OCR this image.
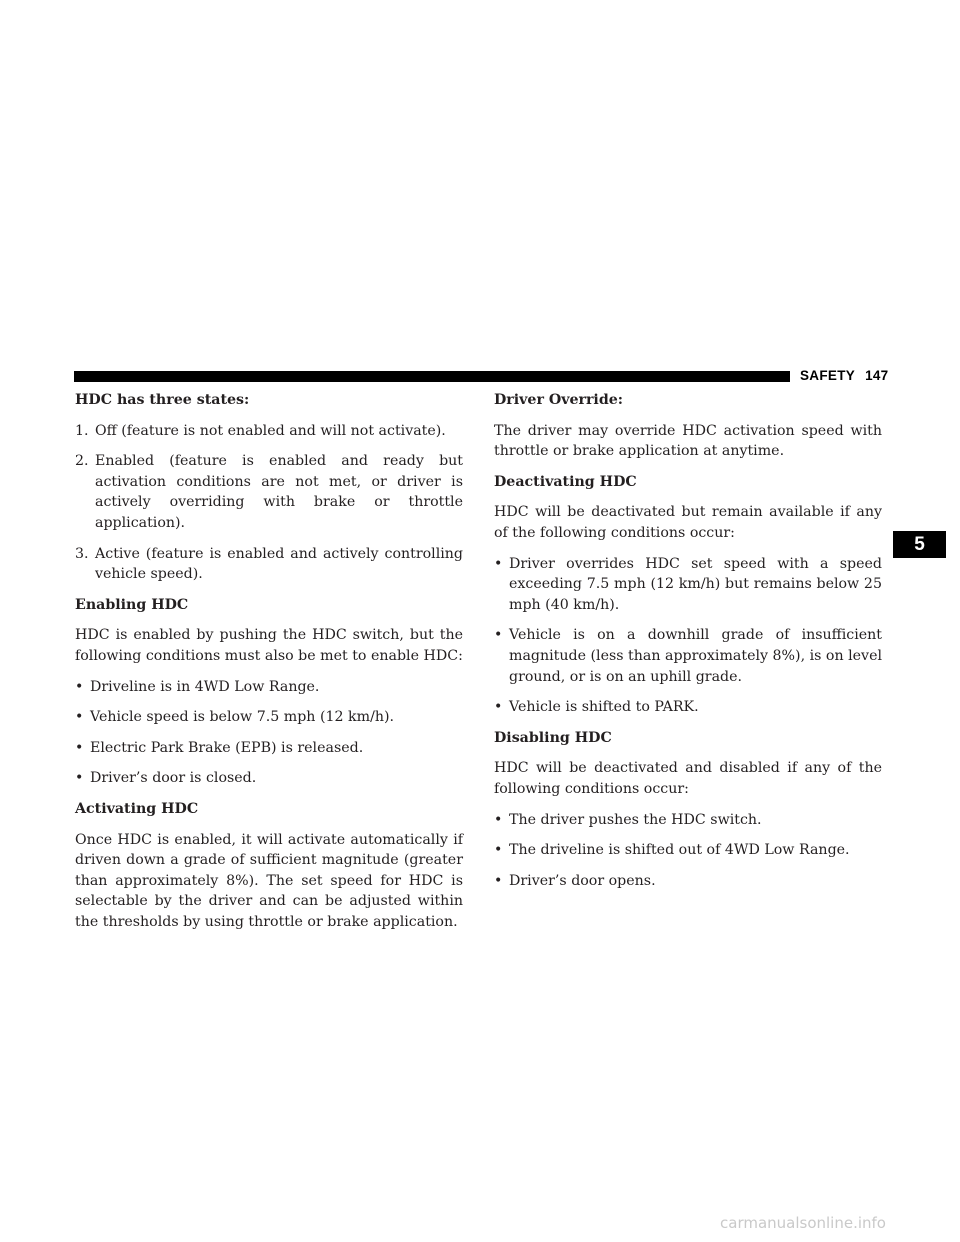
SAFETY 147
5
HDC has three states:
1. Off (feature is not enabled and will not activate).
2. Enabled (feature is enabled and ready but activation conditions are not met, or driver is actively overriding with brake or throttle application).
3. Active (feature is enabled and actively controlling vehicle speed).
Enabling HDC

HDC is enabled by pushing the HDC switch, but the following conditions must also be met to enable HDC:

• Driveline is in 4WD Low Range.
• Vehicle speed is below 7.5 mph (12 km/h).
• Electric Park Brake (EPB) is released.
• Driver’s door is closed.
Activating HDC

Once HDC is enabled, it will activate automatically if driven down a grade of sufficient magnitude (greater than approximately 8%). The set speed for HDC is selectable by the driver and can be adjusted within the thresholds by using throttle or brake application.

Driver Override:

The driver may override HDC activation speed with throttle or brake application at anytime.

Deactivating HDC

HDC will be deactivated but remain available if any of the following conditions occur:

• Driver overrides HDC set speed with a speed exceeding 7.5 mph (12 km/h) but remains below 25 mph (40 km/h).
• Vehicle is on a downhill grade of insufficient magnitude (less than approximately 8%), is on level ground, or is on an uphill grade.
• Vehicle is shifted to PARK.
Disabling HDC

HDC will be deactivated and disabled if any of the following conditions occur:

• The driver pushes the HDC switch.
• The driveline is shifted out of 4WD Low Range.
• Driver’s door opens.
carmanualsonline.info
